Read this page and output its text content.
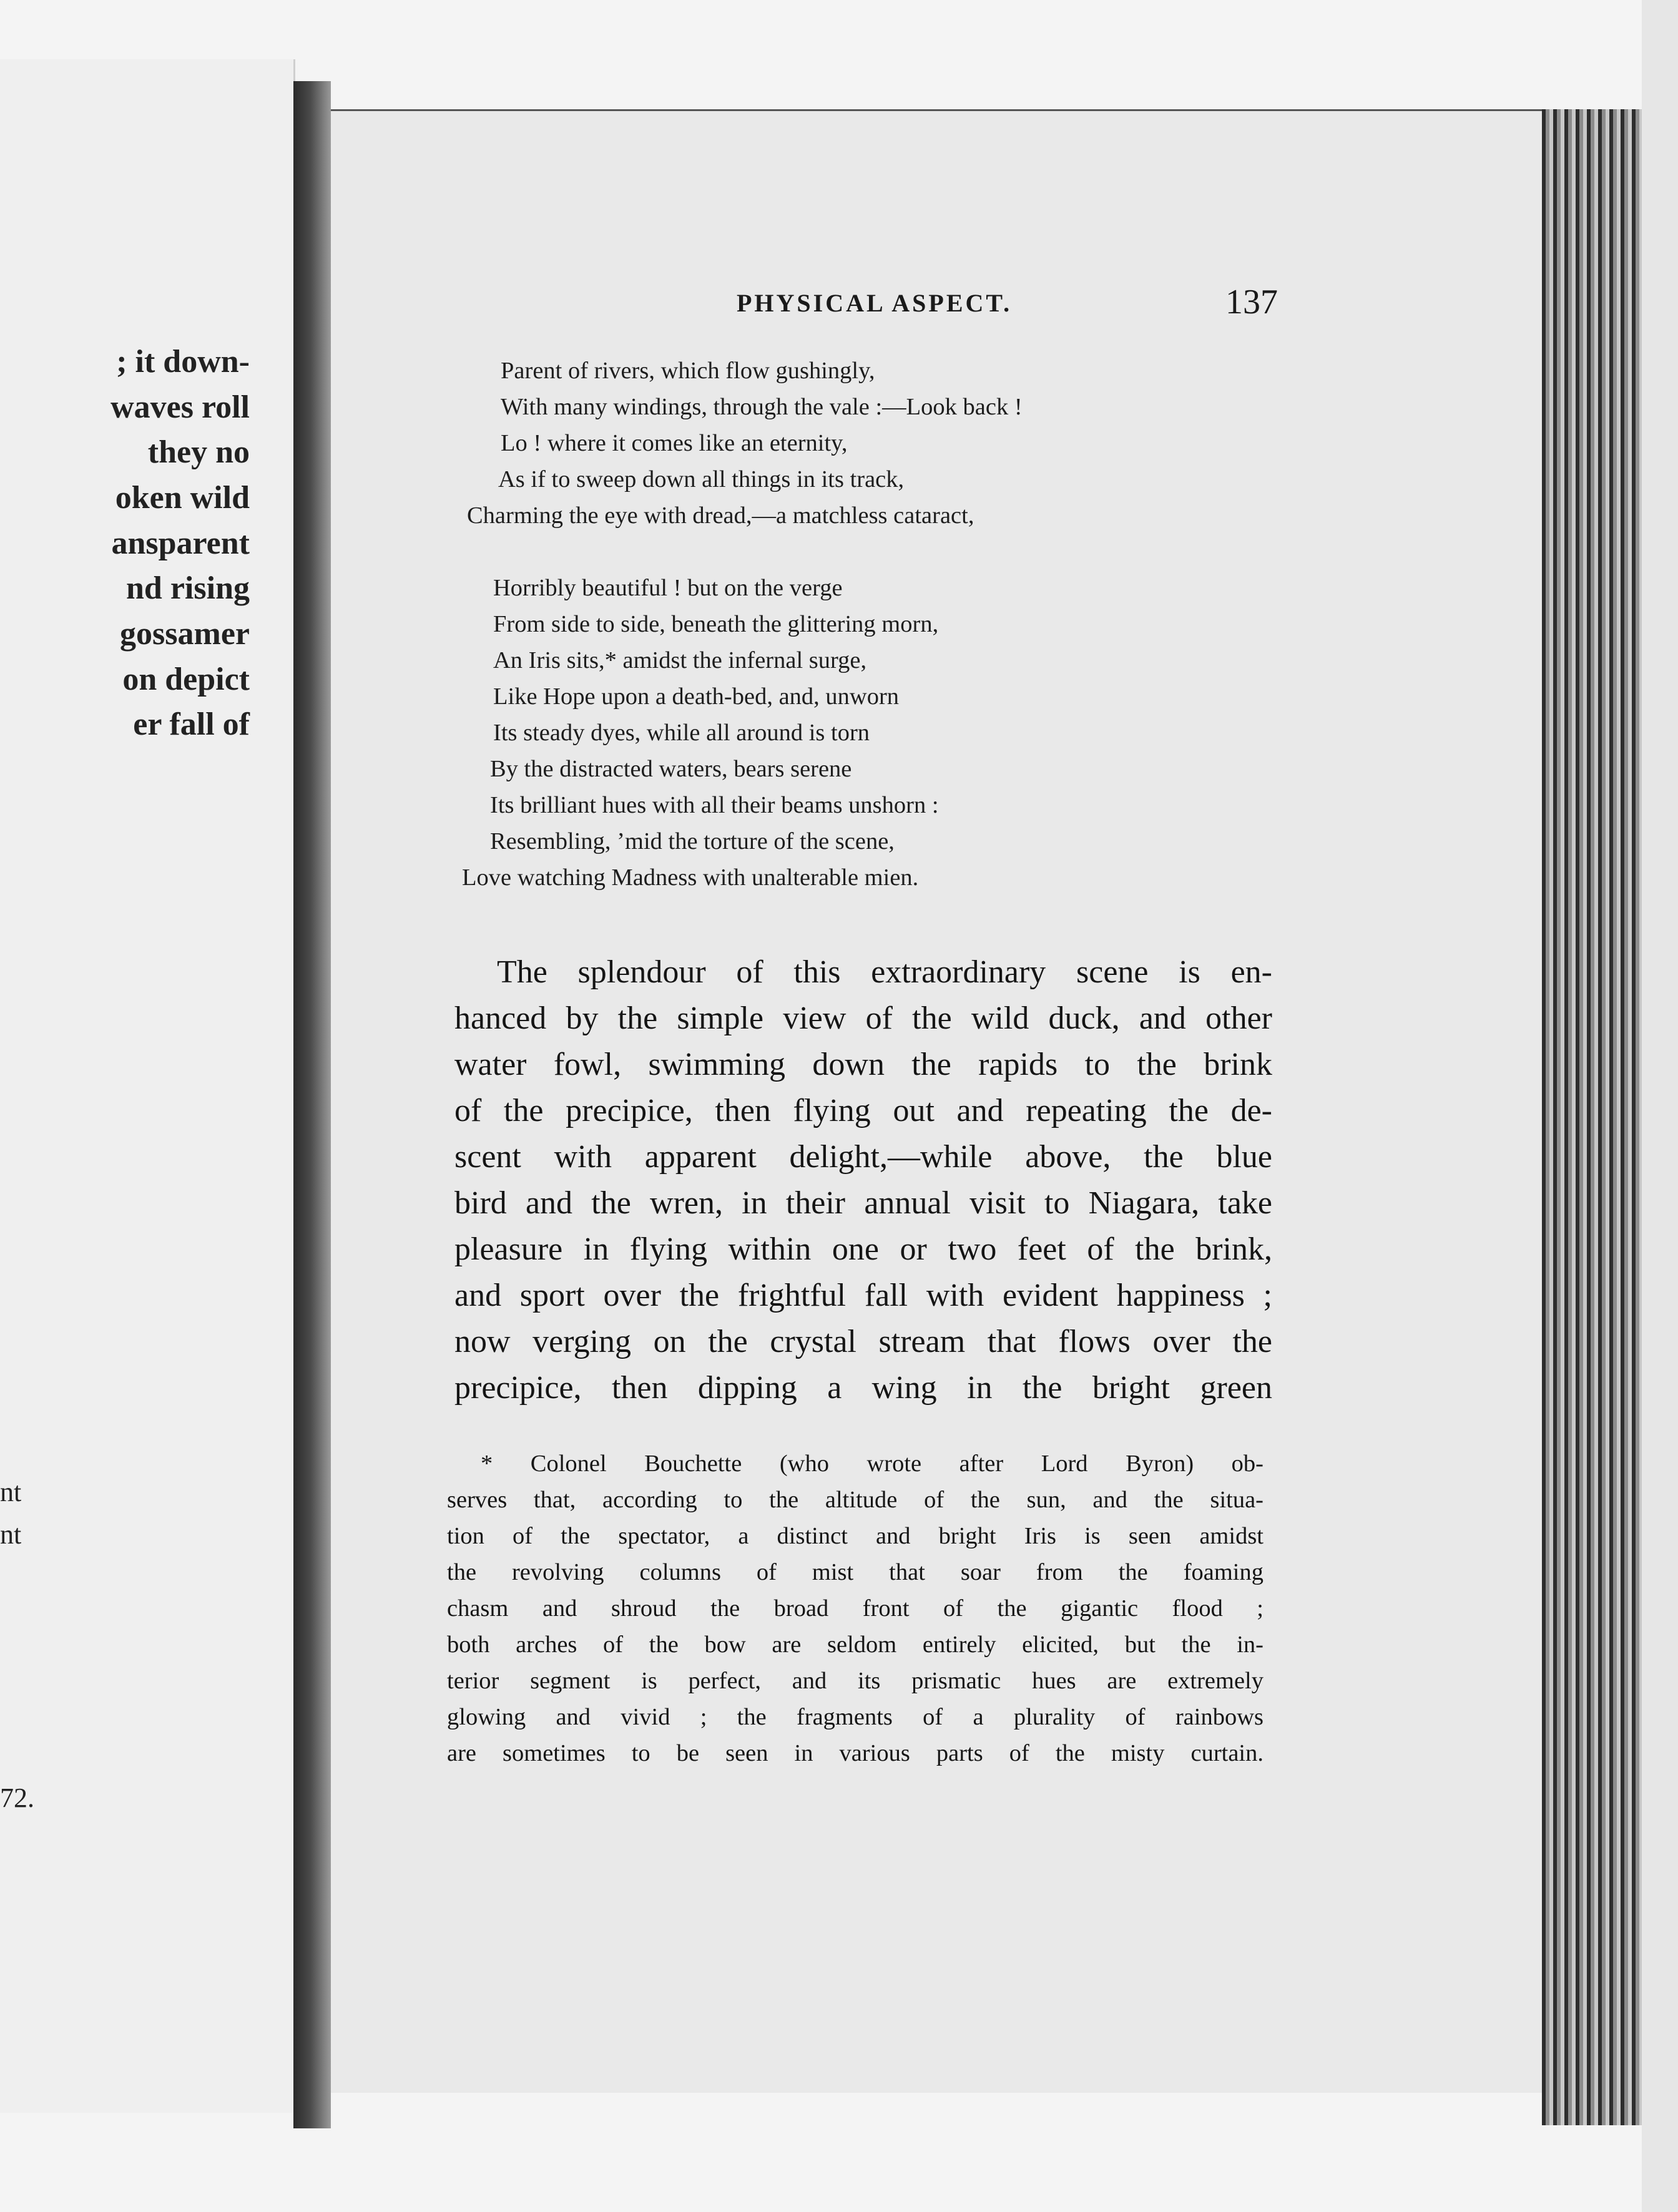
; it down-
waves roll
they no
oken wild
ansparent
nd rising
gossamer
on depict
er fall of
nt
nt
72.
PHYSICAL ASPECT.	137
Parent of rivers, which flow gushingly,
With many windings, through the vale :—Look back !
Lo ! where it comes like an eternity,
As if to sweep down all things in its track,
Charming the eye with dread,—a matchless cataract,
Horribly beautiful ! but on the verge
From side to side, beneath the glittering morn,
An Iris sits,* amidst the infernal surge,
Like Hope upon a death-bed, and, unworn
Its steady dyes, while all around is torn
By the distracted waters, bears serene
Its brilliant hues with all their beams unshorn :
Resembling, ’mid the torture of the scene,
Love watching Madness with unalterable mien.
The splendour of this extraordinary scene is en-
hanced by the simple view of the wild duck, and other
water fowl, swimming down the rapids to the brink
of the precipice, then flying out and repeating the de-
scent with apparent delight,—while above, the blue
bird and the wren, in their annual visit to Niagara, take
pleasure in flying within one or two feet of the brink,
and sport over the frightful fall with evident happiness ;
now verging on the crystal stream that flows over the
precipice, then dipping a wing in the bright green
* Colonel Bouchette (who wrote after Lord Byron) ob-
serves that, according to the altitude of the sun, and the situa-
tion of the spectator, a distinct and bright Iris is seen amidst
the revolving columns of mist that soar from the foaming
chasm and shroud the broad front of the gigantic flood ;
both arches of the bow are seldom entirely elicited, but the in-
terior segment is perfect, and its prismatic hues are extremely
glowing and vivid ; the fragments of a plurality of rainbows
are sometimes to be seen in various parts of the misty curtain.
